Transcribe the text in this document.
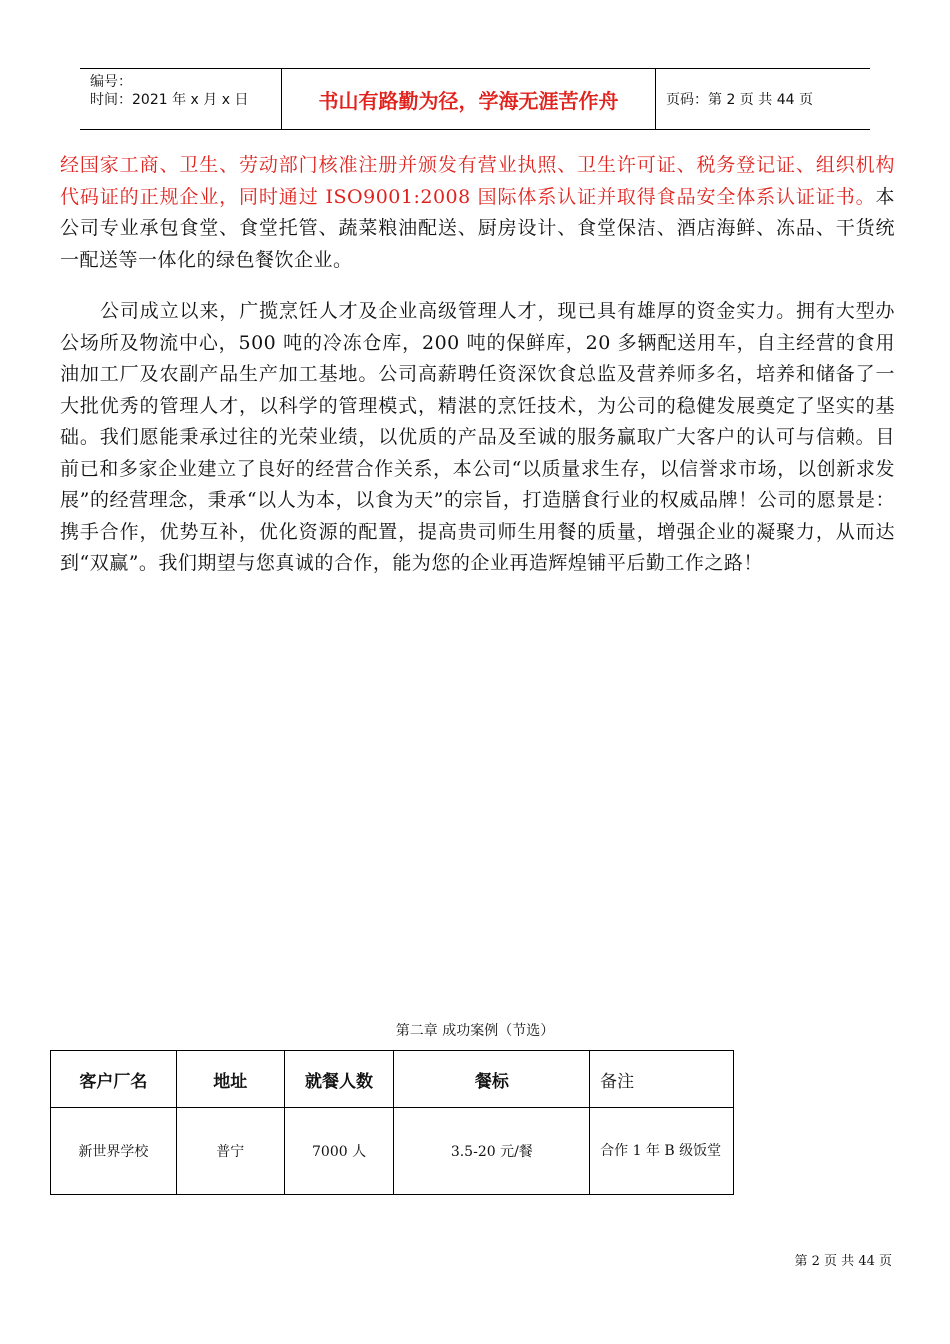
编号：
时间：2021 年 x 月 x 日	书山有路勤为径，学海无涯苦作舟	页码：第 2 页 共 44 页

经国家工商、卫生、劳动部门核准注册并颁发有营业执照、卫生许可证、税务登记证、组织机构代码证的正规企业，同时通过 ISO9001:2008 国际体系认证并取得食品安全体系认证证书。本公司专业承包食堂、食堂托管、蔬菜粮油配送、厨房设计、食堂保洁、酒店海鲜、冻品、干货统一配送等一体化的绿色餐饮企业。

公司成立以来，广揽烹饪人才及企业高级管理人才，现已具有雄厚的资金实力。拥有大型办公场所及物流中心，500 吨的冷冻仓库，200 吨的保鲜库，20 多辆配送用车，自主经营的食用油加工厂及农副产品生产加工基地。公司高薪聘任资深饮食总监及营养师多名，培养和储备了一大批优秀的管理人才，以科学的管理模式，精湛的烹饪技术，为公司的稳健发展奠定了坚实的基础。我们愿能秉承过往的光荣业绩，以优质的产品及至诚的服务赢取广大客户的认可与信赖。目前已和多家企业建立了良好的经营合作关系，本公司“以质量求生存，以信誉求市场，以创新求发展”的经营理念，秉承“以人为本，以食为天”的宗旨，打造膳食行业的权威品牌！公司的愿景是：携手合作，优势互补，优化资源的配置，提高贵司师生用餐的质量，增强企业的凝聚力，从而达到“双赢”。我们期望与您真诚的合作，能为您的企业再造辉煌铺平后勤工作之路！

第二章 成功案例（节选）
客户厂名	地址	就餐人数	餐标	备注
新世界学校	普宁	7000 人	3.5-20 元/餐	合作 1 年 B 级饭堂
第 2 页 共 44 页
